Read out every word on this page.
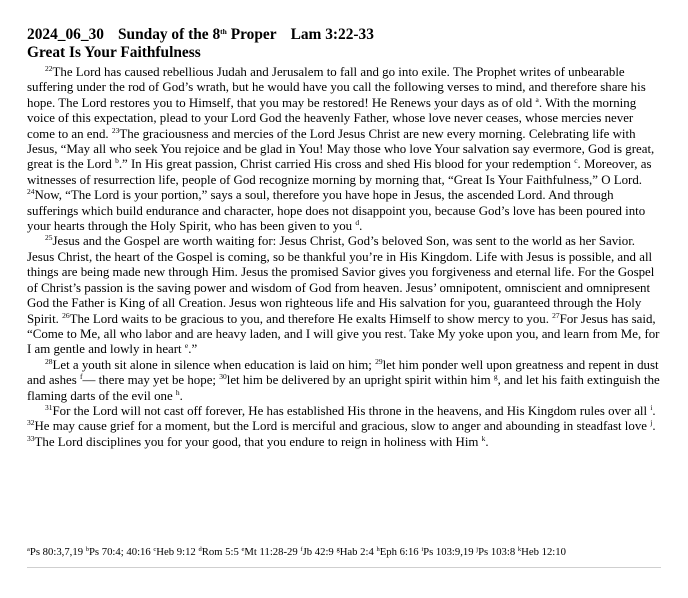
2024_06_30 Sunday of the 8th Proper Lam 3:22-33
Great Is Your Faithfulness

$^{22}$The Lord has caused rebellious Judah and Jerusalem to fall and go into exile. The Prophet writes of unbearable suffering under the rod of God’s wrath, but he would have you call the following verses to mind, and therefore share his hope. The Lord restores you to Himself, that you may be restored! He Renews your days as of old $^a$. With the morning voice of this expectation, plead to your Lord God the heavenly Father, whose love never ceases, whose mercies never come to an end. $^{23}$The graciousness and mercies of the Lord Jesus Christ are new every morning. Celebrating life with Jesus, “May all who seek You rejoice and be glad in You! May those who love Your salvation say evermore, God is great, great is the Lord $^b$.” In His great passion, Christ carried His cross and shed His blood for your redemption $^c$. Moreover, as witnesses of resurrection life, people of God recognize morning by morning that, “Great Is Your Faithfulness,” O Lord. $^{24}$Now, “The Lord is your portion,” says a soul, therefore you have hope in Jesus, the ascended Lord. And through sufferings which build endurance and character, hope does not disappoint you, because God’s love has been poured into your hearts through the Holy Spirit, who has been given to you $^d$.

$^{25}$Jesus and the Gospel are worth waiting for: Jesus Christ, God’s beloved Son, was sent to the world as her Savior. Jesus Christ, the heart of the Gospel is coming, so be thankful you’re in His Kingdom. Life with Jesus is possible, and all things are being made new through Him. Jesus the promised Savior gives you forgiveness and eternal life. For the Gospel of Christ’s passion is the saving power and wisdom of God from heaven. Jesus’ omnipotent, omniscient and omnipresent God the Father is King of all Creation. Jesus won righteous life and His salvation for you, guaranteed through the Holy Spirit. $^{26}$The Lord waits to be gracious to you, and therefore He exalts Himself to show mercy to you. $^{27}$For Jesus has said, “Come to Me, all who labor and are heavy laden, and I will give you rest. Take My yoke upon you, and learn from Me, for I am gentle and lowly in heart $^e$.”

$^{28}$Let a youth sit alone in silence when education is laid on him; $^{29}$let him ponder well upon greatness and repent in dust and ashes $^f$— there may yet be hope; $^{30}$let him be delivered by an upright spirit within him $^g$, and let his faith extinguish the flaming darts of the evil one $^h$.

$^{31}$For the Lord will not cast off forever, He has established His throne in the heavens, and His Kingdom rules over all $^i$. $^{32}$He may cause grief for a moment, but the Lord is merciful and gracious, slow to anger and abounding in steadfast love $^j$. $^{33}$The Lord disciplines you for your good, that you endure to reign in holiness with Him $^k$.

$^a$Ps 80:3,7,19 $^b$Ps 70:4; 40:16 $^c$Heb 9:12 $^d$Rom 5:5 $^e$Mt 11:28-29 $^f$Jb 42:9 $^g$Hab 2:4 $^h$Eph 6:16 $^i$Ps 103:9,19 $^j$Ps 103:8 $^k$Heb 12:10
